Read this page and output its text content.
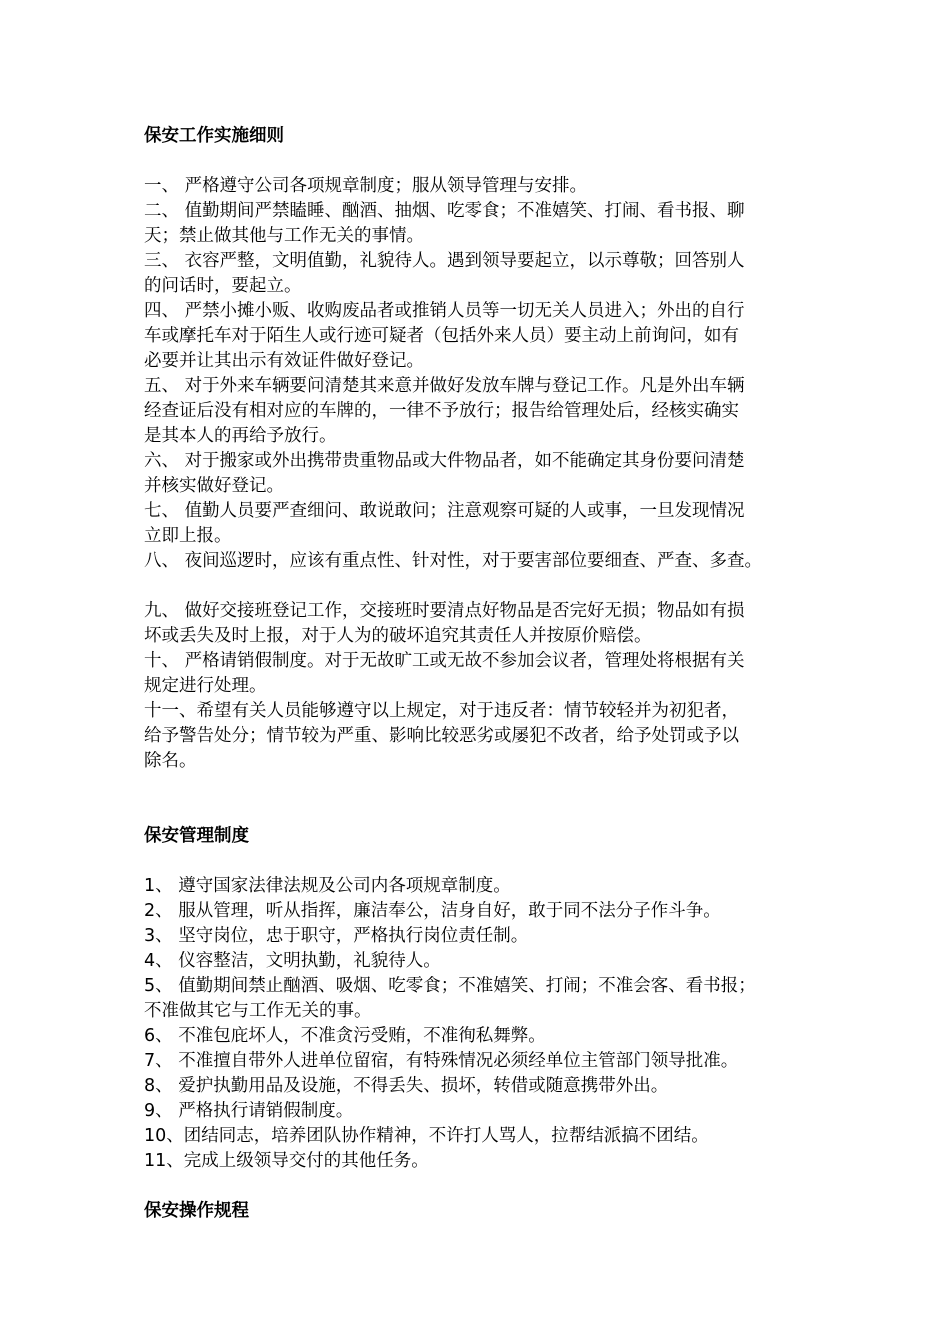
保安工作实施细则
一、 严格遵守公司各项规章制度；服从领导管理与安排。
二、 值勤期间严禁瞌睡、酗酒、抽烟、吃零食；不准嬉笑、打闹、看书报、聊
天；禁止做其他与工作无关的事情。
三、 衣容严整，文明值勤，礼貌待人。遇到领导要起立，以示尊敬；回答别人
的问话时，要起立。
四、 严禁小摊小贩、收购废品者或推销人员等一切无关人员进入；外出的自行
车或摩托车对于陌生人或行迹可疑者（包括外来人员）要主动上前询问，如有
必要并让其出示有效证件做好登记。
五、 对于外来车辆要问清楚其来意并做好发放车牌与登记工作。凡是外出车辆
经查证后没有相对应的车牌的，一律不予放行；报告给管理处后，经核实确实
是其本人的再给予放行。
六、 对于搬家或外出携带贵重物品或大件物品者，如不能确定其身份要问清楚
并核实做好登记。
七、 值勤人员要严查细问、敢说敢问；注意观察可疑的人或事，一旦发现情况
立即上报。
八、 夜间巡逻时，应该有重点性、针对性，对于要害部位要细查、严查、多查。
九、 做好交接班登记工作，交接班时要清点好物品是否完好无损；物品如有损
坏或丢失及时上报，对于人为的破坏追究其责任人并按原价赔偿。
十、 严格请销假制度。对于无故旷工或无故不参加会议者，管理处将根据有关
规定进行处理。
十一、希望有关人员能够遵守以上规定，对于违反者：情节较轻并为初犯者，
给予警告处分；情节较为严重、影响比较恶劣或屡犯不改者，给予处罚或予以
除名。
保安管理制度
1、 遵守国家法律法规及公司内各项规章制度。
2、 服从管理，听从指挥，廉洁奉公，洁身自好，敢于同不法分子作斗争。
3、 坚守岗位，忠于职守，严格执行岗位责任制。
4、 仪容整洁，文明执勤，礼貌待人。
5、 值勤期间禁止酗酒、吸烟、吃零食；不准嬉笑、打闹；不准会客、看书报；
不准做其它与工作无关的事。
6、 不准包庇坏人，不准贪污受贿，不准徇私舞弊。
7、 不准擅自带外人进单位留宿，有特殊情况必须经单位主管部门领导批准。
8、 爱护执勤用品及设施，不得丢失、损坏，转借或随意携带外出。
9、 严格执行请销假制度。
10、团结同志，培养团队协作精神，不许打人骂人，拉帮结派搞不团结。
11、完成上级领导交付的其他任务。
保安操作规程
